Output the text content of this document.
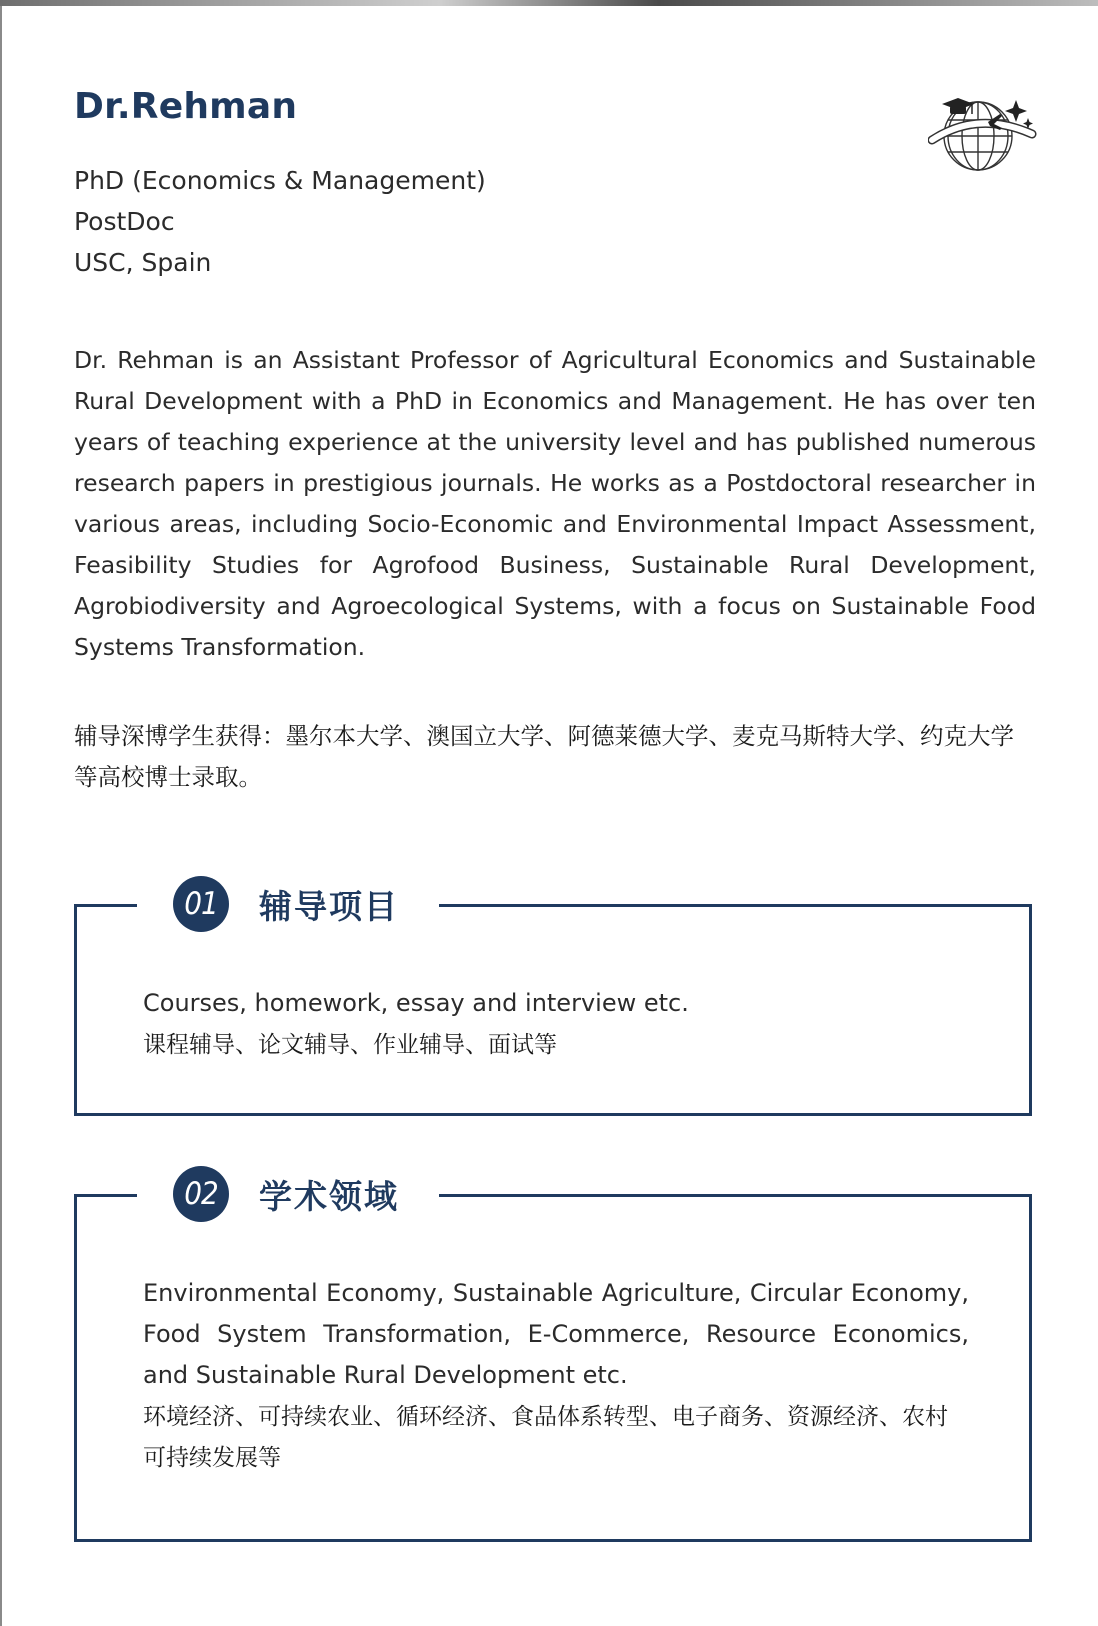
Dr.Rehman
PhD (Economics & Management)
PostDoc
USC, Spain

Dr. Rehman is an Assistant Professor of Agricultural Economics and Sustainable Rural Development with a PhD in Economics and Management. He has over ten years of teaching experience at the university level and has published numerous research papers in prestigious journals. He works as a Postdoctoral researcher in various areas, including Socio-Economic and Environmental Impact Assessment, Feasibility Studies for Agrofood Business, Sustainable Rural Development, Agrobiodiversity and Agroecological Systems, with a focus on Sustainable Food Systems Transformation.

辅导深博学生获得：墨尔本大学、澳国立大学、阿德莱德大学、麦克马斯特大学、约克大学等高校博士录取。

01	辅导项目

Courses, homework, essay and interview etc.

课程辅导、论文辅导、作业辅导、面试等

02	学术领域

Environmental Economy, Sustainable Agriculture, Circular Economy, Food System Transformation, E-Commerce, Resource Economics, and Sustainable Rural Development etc.

环境经济、可持续农业、循环经济、食品体系转型、电子商务、资源经济、农村可持续发展等
